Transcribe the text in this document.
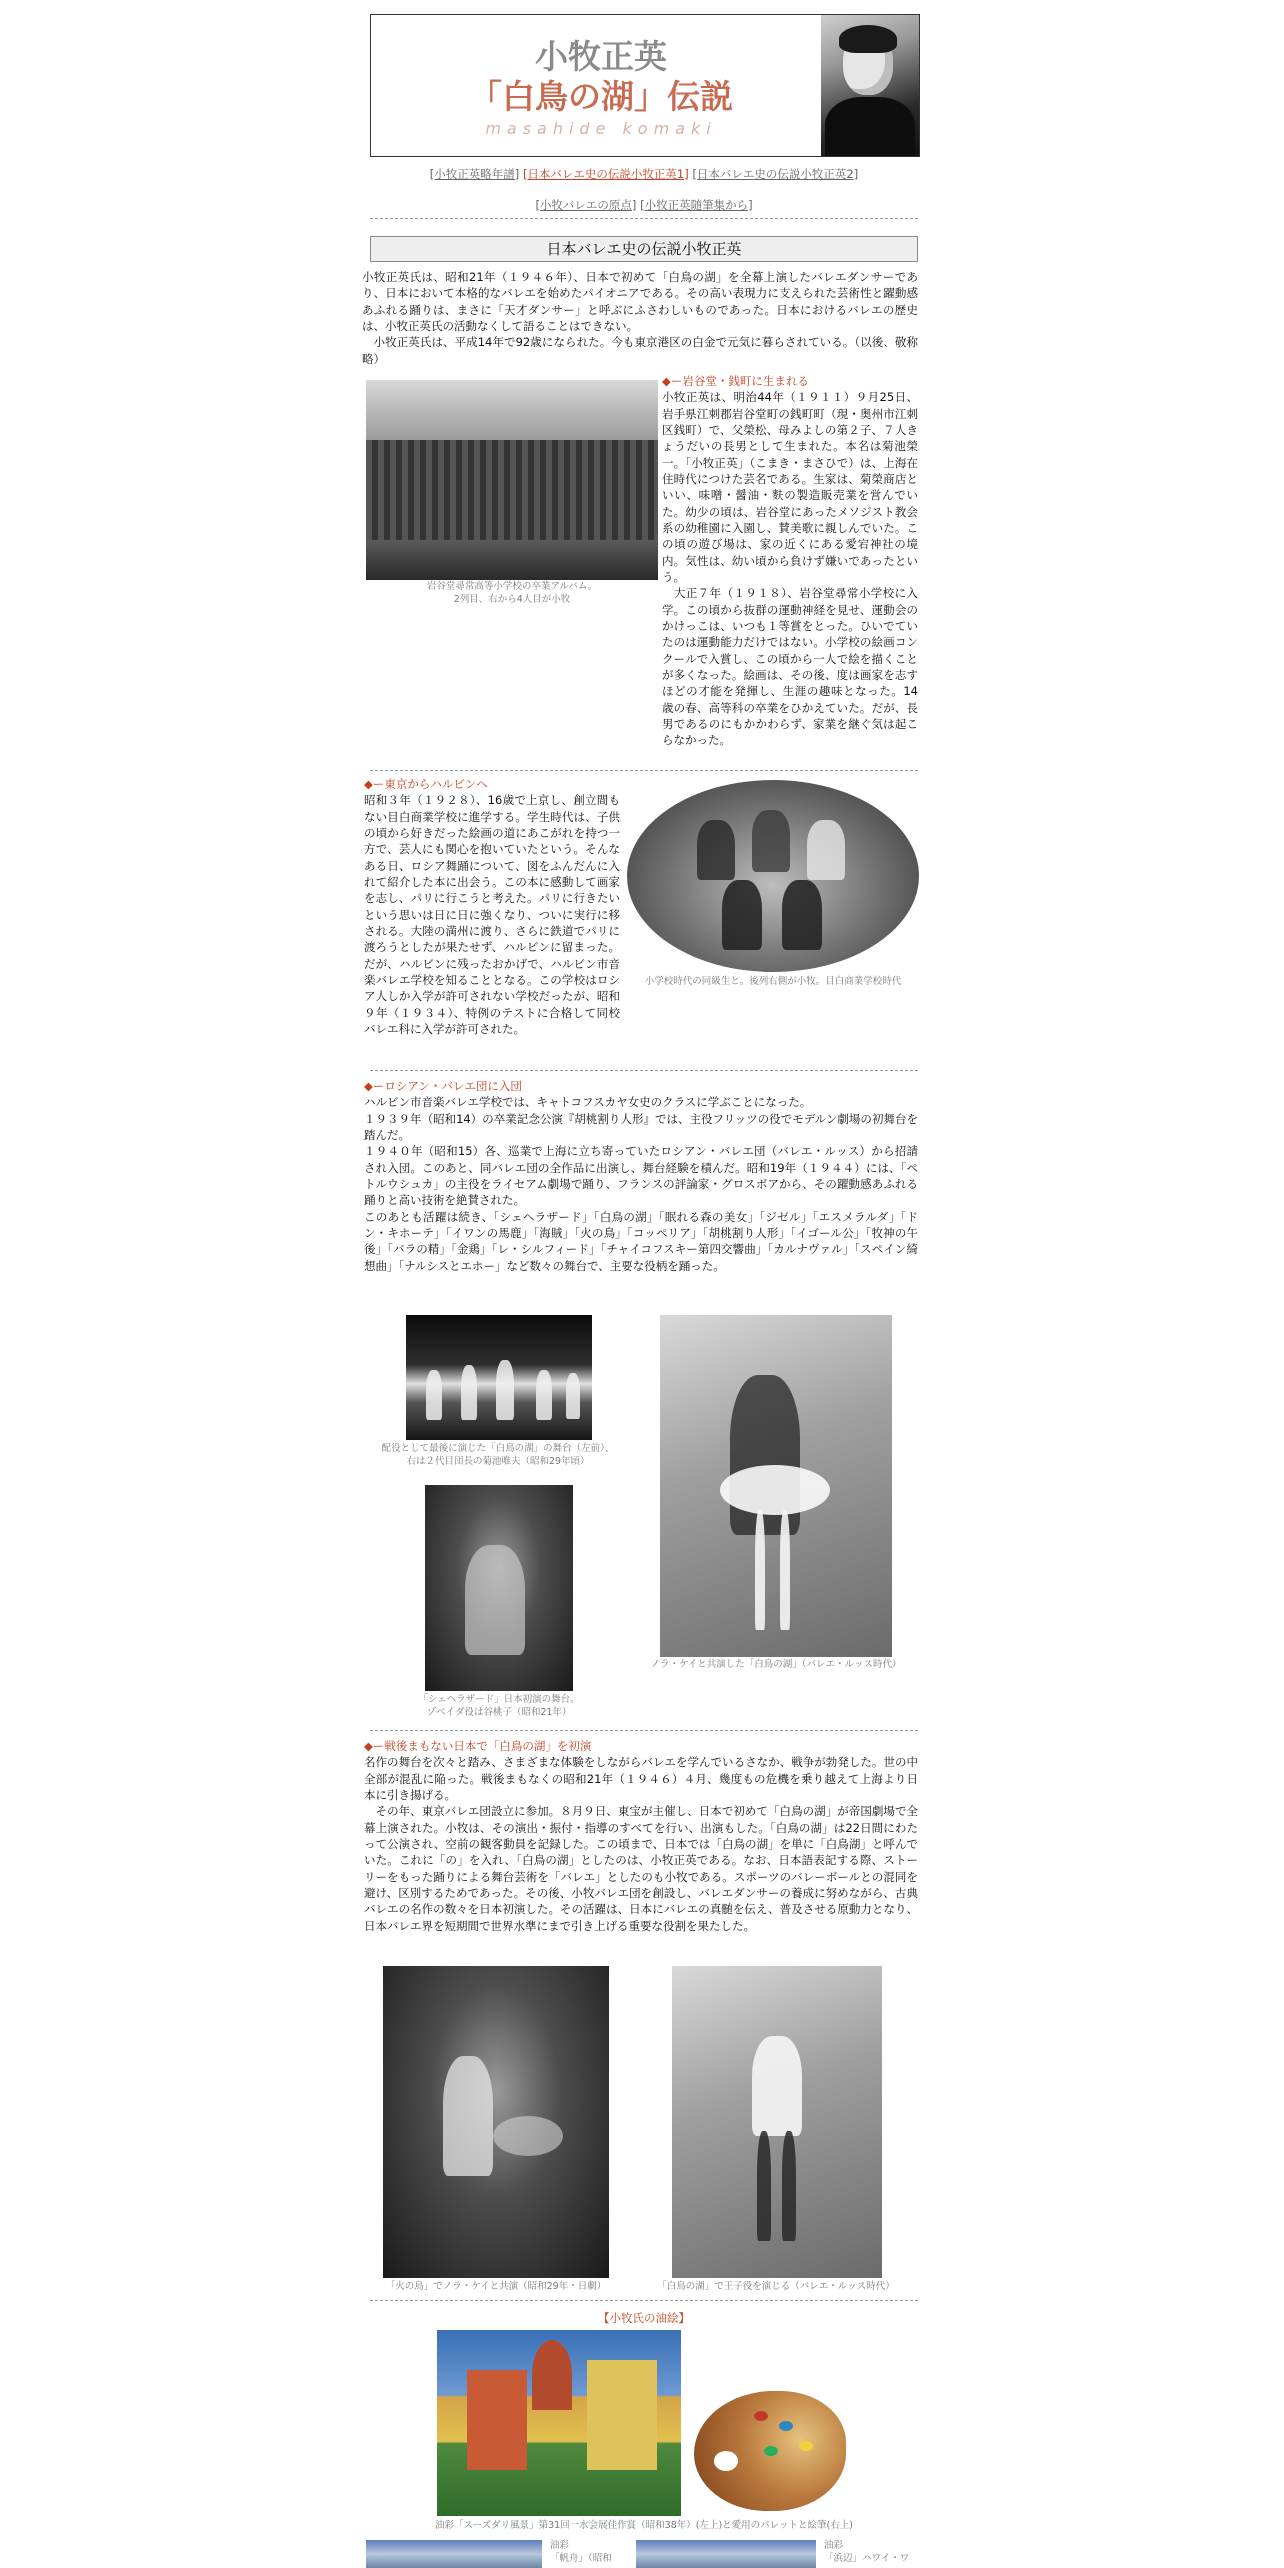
小牧正英
「白鳥の湖」伝説
masahide komaki
[小牧正英略年譜] [日本バレエ史の伝説小牧正英1] [日本バレエ史の伝説小牧正英2]
[小牧バレエの原点] [小牧正英随筆集から]
日本バレエ史の伝説小牧正英

小牧正英氏は、昭和21年（１９４６年）、日本で初めて「白鳥の湖」を全幕上演したバレエダンサーであり、日本において本格的なバレエを始めたパイオニアである。その高い表現力に支えられた芸術性と躍動感あふれる踊りは、まさに「天才ダンサー」と呼ぶにふさわしいものであった。日本におけるバレエの歴史は、小牧正英氏の活動なくして語ることはできない。

　小牧正英氏は、平成14年で92歳になられた。今も東京港区の白金で元気に暮らされている。（以後、敬称略）

岩谷堂尋常高等小学校の卒業アルバム。
2列目、右から4人目が小牧
◆ー岩谷堂・銭町に生まれる

小牧正英は、明治44年（１９１１）９月25日、岩手県江刺郡岩谷堂町の銭町町（現・奥州市江刺区銭町）で、父榮松、母みよしの第２子、７人きょうだいの長男として生まれた。本名は菊池榮一。「小牧正英」（こまき・まさひで）は、上海在住時代につけた芸名である。生家は、菊榮商店といい、味噌・醤油・麩の製造販売業を営んでいた。幼少の頃は、岩谷堂にあったメソジスト教会系の幼稚園に入園し、賛美歌に親しんでいた。この頃の遊び場は、家の近くにある愛宕神社の境内。気性は、幼い頃から負けず嫌いであったという。

　大正７年（１９１８）、岩谷堂尋常小学校に入学。この頃から抜群の運動神経を見せ、運動会のかけっこは、いつも１等賞をとった。ひいでていたのは運動能力だけではない。小学校の絵画コンクールで入賞し、この頃から一人で絵を描くことが多くなった。絵画は、その後、度は画家を志すほどの才能を発揮し、生涯の趣味となった。14歳の春、高等科の卒業をひかえていた。だが、長男であるのにもかかわらず、家業を継ぐ気は起こらなかった。

◆ー東京からハルビンへ

昭和３年（１９２８）、16歳で上京し、創立間もない目白商業学校に進学する。学生時代は、子供の頃から好きだった絵画の道にあこがれを持つ一方で、芸人にも関心を抱いていたという。そんなある日、ロシア舞踊について、図をふんだんに入れて紹介した本に出会う。この本に感動して画家を志し、パリに行こうと考えた。パリに行きたいという思いは日に日に強くなり、ついに実行に移される。大陸の満州に渡り、さらに鉄道でパリに渡ろうとしたが果たせず、ハルビンに留まった。だが、ハルビンに残ったおかげで、ハルビン市音楽バレエ学校を知ることとなる。この学校はロシア人しか入学が許可されない学校だったが、昭和９年（１９３４）、特例のテストに合格して同校バレエ科に入学が許可された。

小学校時代の同級生と。後列右側が小牧。目白商業学校時代
◆ーロシアン・バレエ団に入団

ハルビン市音楽バレエ学校では、キャトコフスカヤ女史のクラスに学ぶことになった。

１９３９年（昭和14）の卒業記念公演『胡桃割り人形』では、主役フリッツの役でモデルン劇場の初舞台を踏んだ。

１９４０年（昭和15）各、巡業で上海に立ち寄っていたロシアン・バレエ団（バレエ・ルッス）から招請され入団。このあと、同バレエ団の全作品に出演し、舞台経験を積んだ。昭和19年（１９４４）には、「ペトルウシュカ」の主役をライセアム劇場で踊り、フランスの評論家・グロスボアから、その躍動感あふれる踊りと高い技術を絶賛された。

このあとも活躍は続き、「シェヘラザード」「白鳥の湖」「眠れる森の美女」「ジゼル」「エスメラルダ」「ドン・キホーテ」「イワンの馬鹿」「海賊」「火の鳥」「コッペリア」「胡桃割り人形」「イゴール公」「牧神の午後」「バラの精」「金鶏」「レ・シルフィード」「チャイコフスキー第四交響曲」「カルナヴァル」「スペイン綺想曲」「ナルシスとエホー」など数々の舞台で、主要な役柄を踊った。

配役として最後に演じた「白鳥の湖」の舞台（左前）、
右は２代目団長の菊池唯夫（昭和29年頃）
「シェヘラザード」日本初演の舞台。
ゾベイダ役は谷桃子（昭和21年）
ノラ・ケイと共演した「白鳥の湖」（バレエ・ルッス時代）
◆ー戦後まもない日本で「白鳥の湖」を初演

名作の舞台を次々と踏み、さまざまな体験をしながらバレエを学んでいるさなか、戦争が勃発した。世の中全部が混乱に陥った。戦後まもなくの昭和21年（１９４６）４月、幾度もの危機を乗り越えて上海より日本に引き揚げる。

　その年、東京バレエ団設立に参加。８月９日、東宝が主催し、日本で初めて「白鳥の湖」が帝国劇場で全幕上演された。小牧は、その演出・振付・指導のすべてを行い、出演もした。「白鳥の湖」は22日間にわたって公演され、空前の観客動員を記録した。この頃まで、日本では「白鳥の湖」を単に「白鳥湖」と呼んでいた。これに「の」を入れ、「白鳥の湖」としたのは、小牧正英である。なお、日本語表記する際、ストーリーをもった踊りによる舞台芸術を「バレエ」としたのも小牧である。スポーツのバレーボールとの混同を避け、区別するためであった。その後、小牧バレエ団を創設し、バレエダンサーの養成に努めながら、古典バレエの名作の数々を日本初演した。その活躍は、日本にバレエの真髄を伝え、普及させる原動力となり、日本バレエ界を短期間で世界水準にまで引き上げる重要な役割を果たした。

「火の鳥」でノラ・ケイと共演（昭和29年・日劇）	「白鳥の湖」で王子役を演じる（バレエ・ルッス時代）
【小牧氏の油絵】
油彩「スーズダリ風景」第31回一水会展佳作賞（昭和38年）(左上)と愛用のパレットと絵筆(右上)
油彩
「帆舟」（昭和
油彩
「浜辺」ハワイ・ワ
